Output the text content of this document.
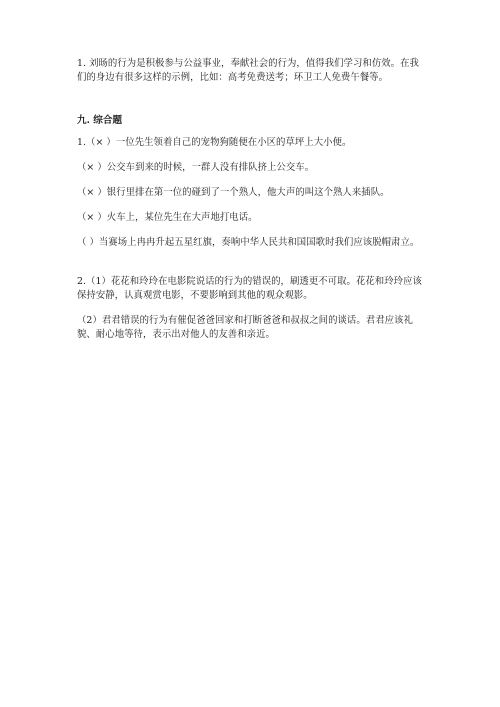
1. 刘旸的行为是积极参与公益事业，奉献社会的行为，值得我们学习和仿效。在我们的身边有很多这样的示例，比如：高考免费送考；环卫工人免费午餐等。

九. 综合题

1.（× ）一位先生领着自己的宠物狗随便在小区的草坪上大小便。

（× ）公交车到来的时候，一群人没有排队挤上公交车。

（× ）银行里排在第一位的碰到了一个熟人，他大声的叫这个熟人来插队。

（× ）火车上，某位先生在大声地打电话。

（ ）当赛场上冉冉升起五星红旗，奏响中华人民共和国国歌时我们应该脱帽肃立。

2.（1）花花和玲玲在电影院说话的行为的错误的，刷透更不可取。花花和玲玲应该保持安静，认真观赏电影，不要影响到其他的观众观影。

（2）君君错误的行为有催促爸爸回家和打断爸爸和叔叔之间的谈话。君君应该礼貌、耐心地等待，表示出对他人的友善和亲近。
